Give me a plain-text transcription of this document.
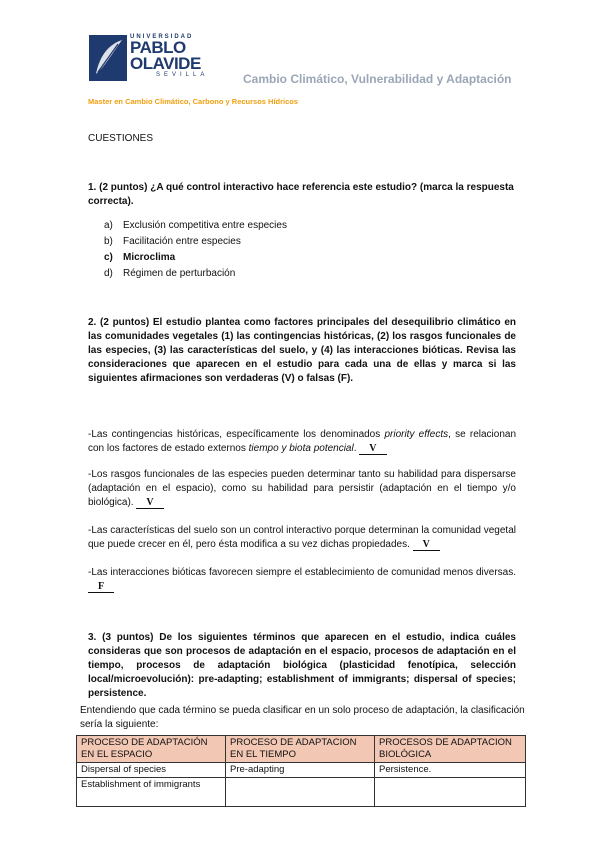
UNIVERSIDAD
PABLO
OLAVIDE
SEVILLA	Cambio Climático, Vulnerabilidad y Adaptación
Master en Cambio Climático, Carbono y Recursos Hídricos
CUESTIONES
1. (2 puntos) ¿A qué control interactivo hace referencia este estudio? (marca la respuesta correcta).
a)	Exclusión competitiva entre especies
b)	Facilitación entre especies
c)	Microclima
d)	Régimen de perturbación
2. (2 puntos) El estudio plantea como factores principales del desequilibrio climático en las comunidades vegetales (1) las contingencias históricas, (2) los rasgos funcionales de las especies, (3) las características del suelo, y (4) las interacciones bióticas. Revisa las consideraciones que aparecen en el estudio para cada una de ellas y marca si las siguientes afirmaciones son verdaderas (V) o falsas (F).
-Las contingencias históricas, específicamente los denominados priority effects, se relacionan con los factores de estado externos tiempo y biota potencial. V
-Los rasgos funcionales de las especies pueden determinar tanto su habilidad para dispersarse (adaptación en el espacio), como su habilidad para persistir (adaptación en el tiempo y/o biológica). V
-Las características del suelo son un control interactivo porque determinan la comunidad vegetal que puede crecer en él, pero ésta modifica a su vez dichas propiedades. V
-Las interacciones bióticas favorecen siempre el establecimiento de comunidad menos diversas. F
3. (3 puntos) De los siguientes términos que aparecen en el estudio, indica cuáles consideras que son procesos de adaptación en el espacio, procesos de adaptación en el tiempo, procesos de adaptación biológica (plasticidad fenotípica, selección local/microevolución): pre-adapting; establishment of immigrants; dispersal of species; persistence.
Entendiendo que cada término se pueda clasificar en un solo proceso de adaptación, la clasificación sería la siguiente:
PROCESO DE ADAPTACIÓN EN EL ESPACIO	PROCESO DE ADAPTACION EN EL TIEMPO	PROCESOS DE ADAPTACION BIOLÓGICA
Dispersal of species	Pre-adapting	Persistence.
Establishment of immigrants		
